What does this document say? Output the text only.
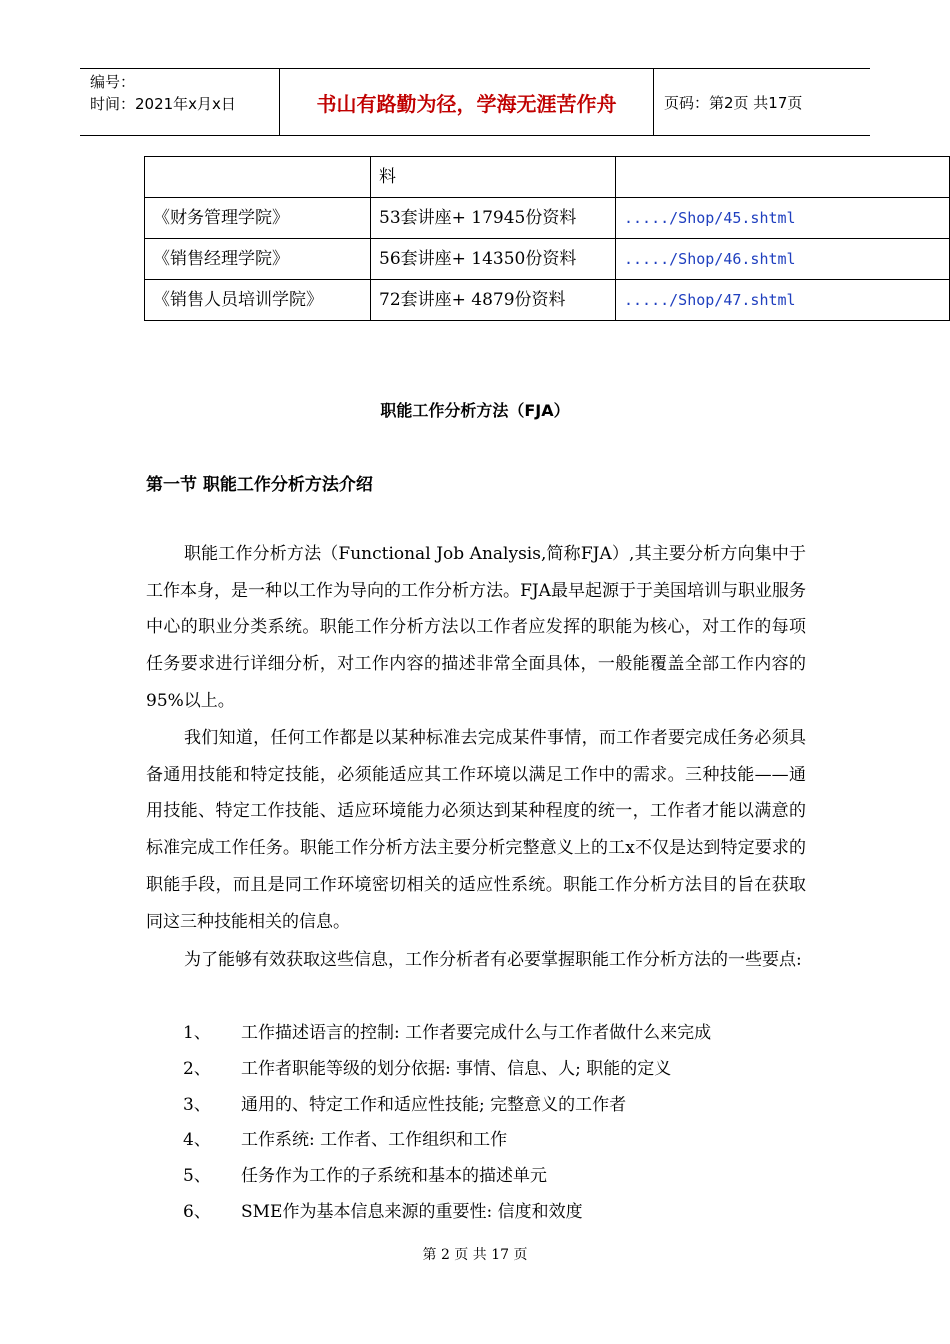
编号：
时间：2021年x月x日	书山有路勤为径，学海无涯苦作舟	页码：第2页 共17页
	料	
《财务管理学院》	53套讲座+ 17945份资料	...../Shop/45.shtml
《销售经理学院》	56套讲座+ 14350份资料	...../Shop/46.shtml
《销售人员培训学院》	72套讲座+ 4879份资料	...../Shop/47.shtml
职能工作分析方法（FJA）
第一节 职能工作分析方法介绍
职能工作分析方法（Functional Job Analysis,简称FJA）,其主要分析方向集中于工作本身，是一种以工作为导向的工作分析方法。FJA最早起源于于美国培训与职业服务中心的职业分类系统。职能工作分析方法以工作者应发挥的职能为核心，对工作的每项任务要求进行详细分析，对工作内容的描述非常全面具体，一般能覆盖全部工作内容的95%以上。
我们知道，任何工作都是以某种标准去完成某件事情，而工作者要完成任务必须具备通用技能和特定技能，必须能适应其工作环境以满足工作中的需求。三种技能——通用技能、特定工作技能、适应环境能力必须达到某种程度的统一，工作者才能以满意的标准完成工作任务。职能工作分析方法主要分析完整意义上的工x不仅是达到特定要求的职能手段，而且是同工作环境密切相关的适应性系统。职能工作分析方法目的旨在获取同这三种技能相关的信息。
为了能够有效获取这些信息，工作分析者有必要掌握职能工作分析方法的一些要点:
1、	工作描述语言的控制: 工作者要完成什么与工作者做什么来完成
2、	工作者职能等级的划分依据: 事情、信息、人; 职能的定义
3、	通用的、特定工作和适应性技能; 完整意义的工作者
4、	工作系统: 工作者、工作组织和工作
5、	任务作为工作的子系统和基本的描述单元
6、	SME作为基本信息来源的重要性: 信度和效度
第 2 页 共 17 页
